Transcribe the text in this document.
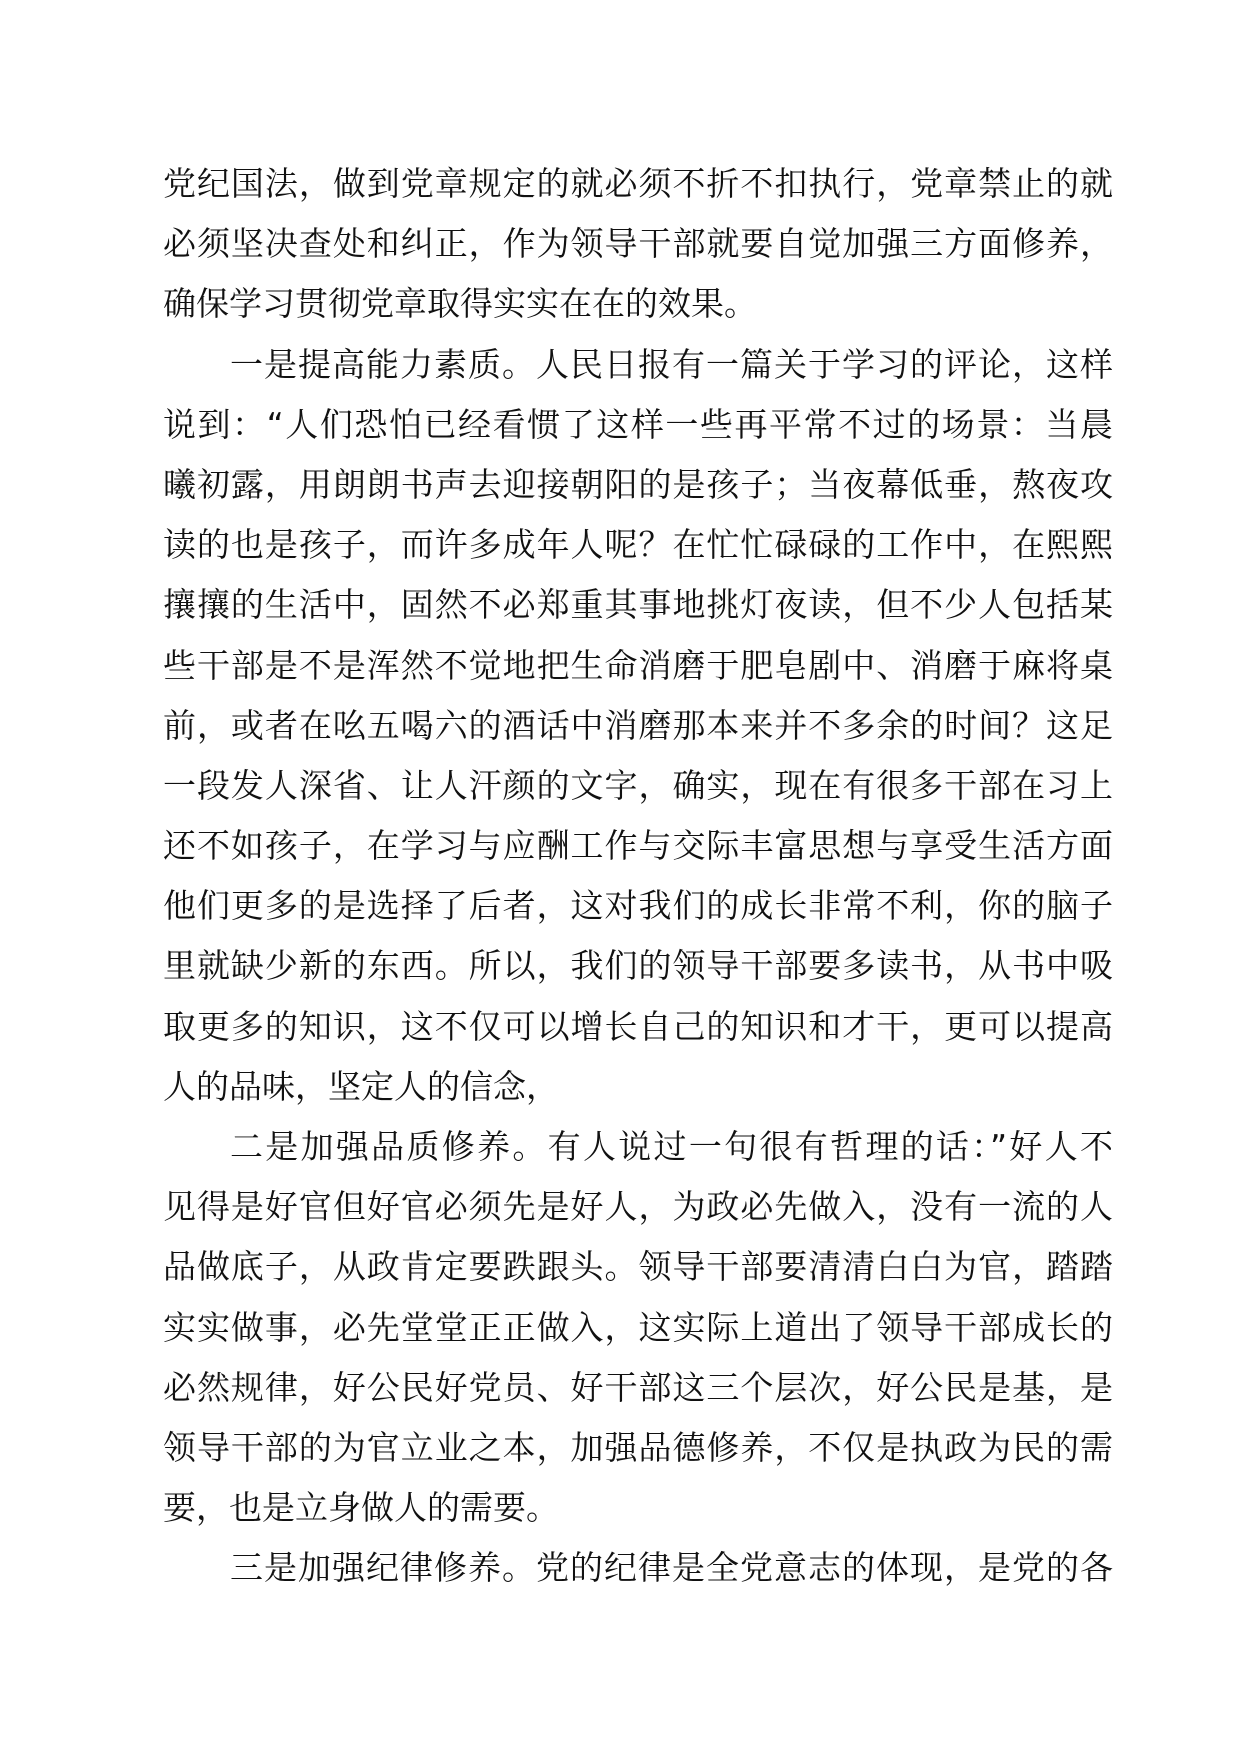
党纪国法，做到党章规定的就必须不折不扣执行，党章禁止的就
必须坚决查处和纠正，作为领导干部就要自觉加强三方面修养，
确保学习贯彻党章取得实实在在的效果。
一是提高能力素质。人民日报有一篇关于学习的评论，这样
说到：“人们恐怕已经看惯了这样一些再平常不过的场景：当晨
曦初露，用朗朗书声去迎接朝阳的是孩子；当夜幕低垂，熬夜攻
读的也是孩子，而许多成年人呢？在忙忙碌碌的工作中，在熙熙
攘攘的生活中，固然不必郑重其事地挑灯夜读，但不少人包括某
些干部是不是浑然不觉地把生命消磨于肥皂剧中、消磨于麻将桌
前，或者在吆五喝六的酒话中消磨那本来并不多余的时间？这足
一段发人深省、让人汗颜的文字，确实，现在有很多干部在习上
还不如孩子，在学习与应酬工作与交际丰富思想与享受生活方面
他们更多的是选择了后者，这对我们的成长非常不利，你的脑子
里就缺少新的东西。所以，我们的领导干部要多读书，从书中吸
取更多的知识，这不仅可以增长自己的知识和才干，更可以提高
人的品味，坚定人的信念，
二是加强品质修养。有人说过一句很有哲理的话：”好人不
见得是好官但好官必须先是好人，为政必先做入，没有一流的人
品做底子，从政肯定要跌跟头。领导干部要清清白白为官，踏踏
实实做事，必先堂堂正正做入，这实际上道出了领导干部成长的
必然规律，好公民好党员、好干部这三个层次，好公民是基，是
领导干部的为官立业之本，加强品德修养，不仅是执政为民的需
要，也是立身做人的需要。
三是加强纪律修养。党的纪律是全党意志的体现，是党的各
